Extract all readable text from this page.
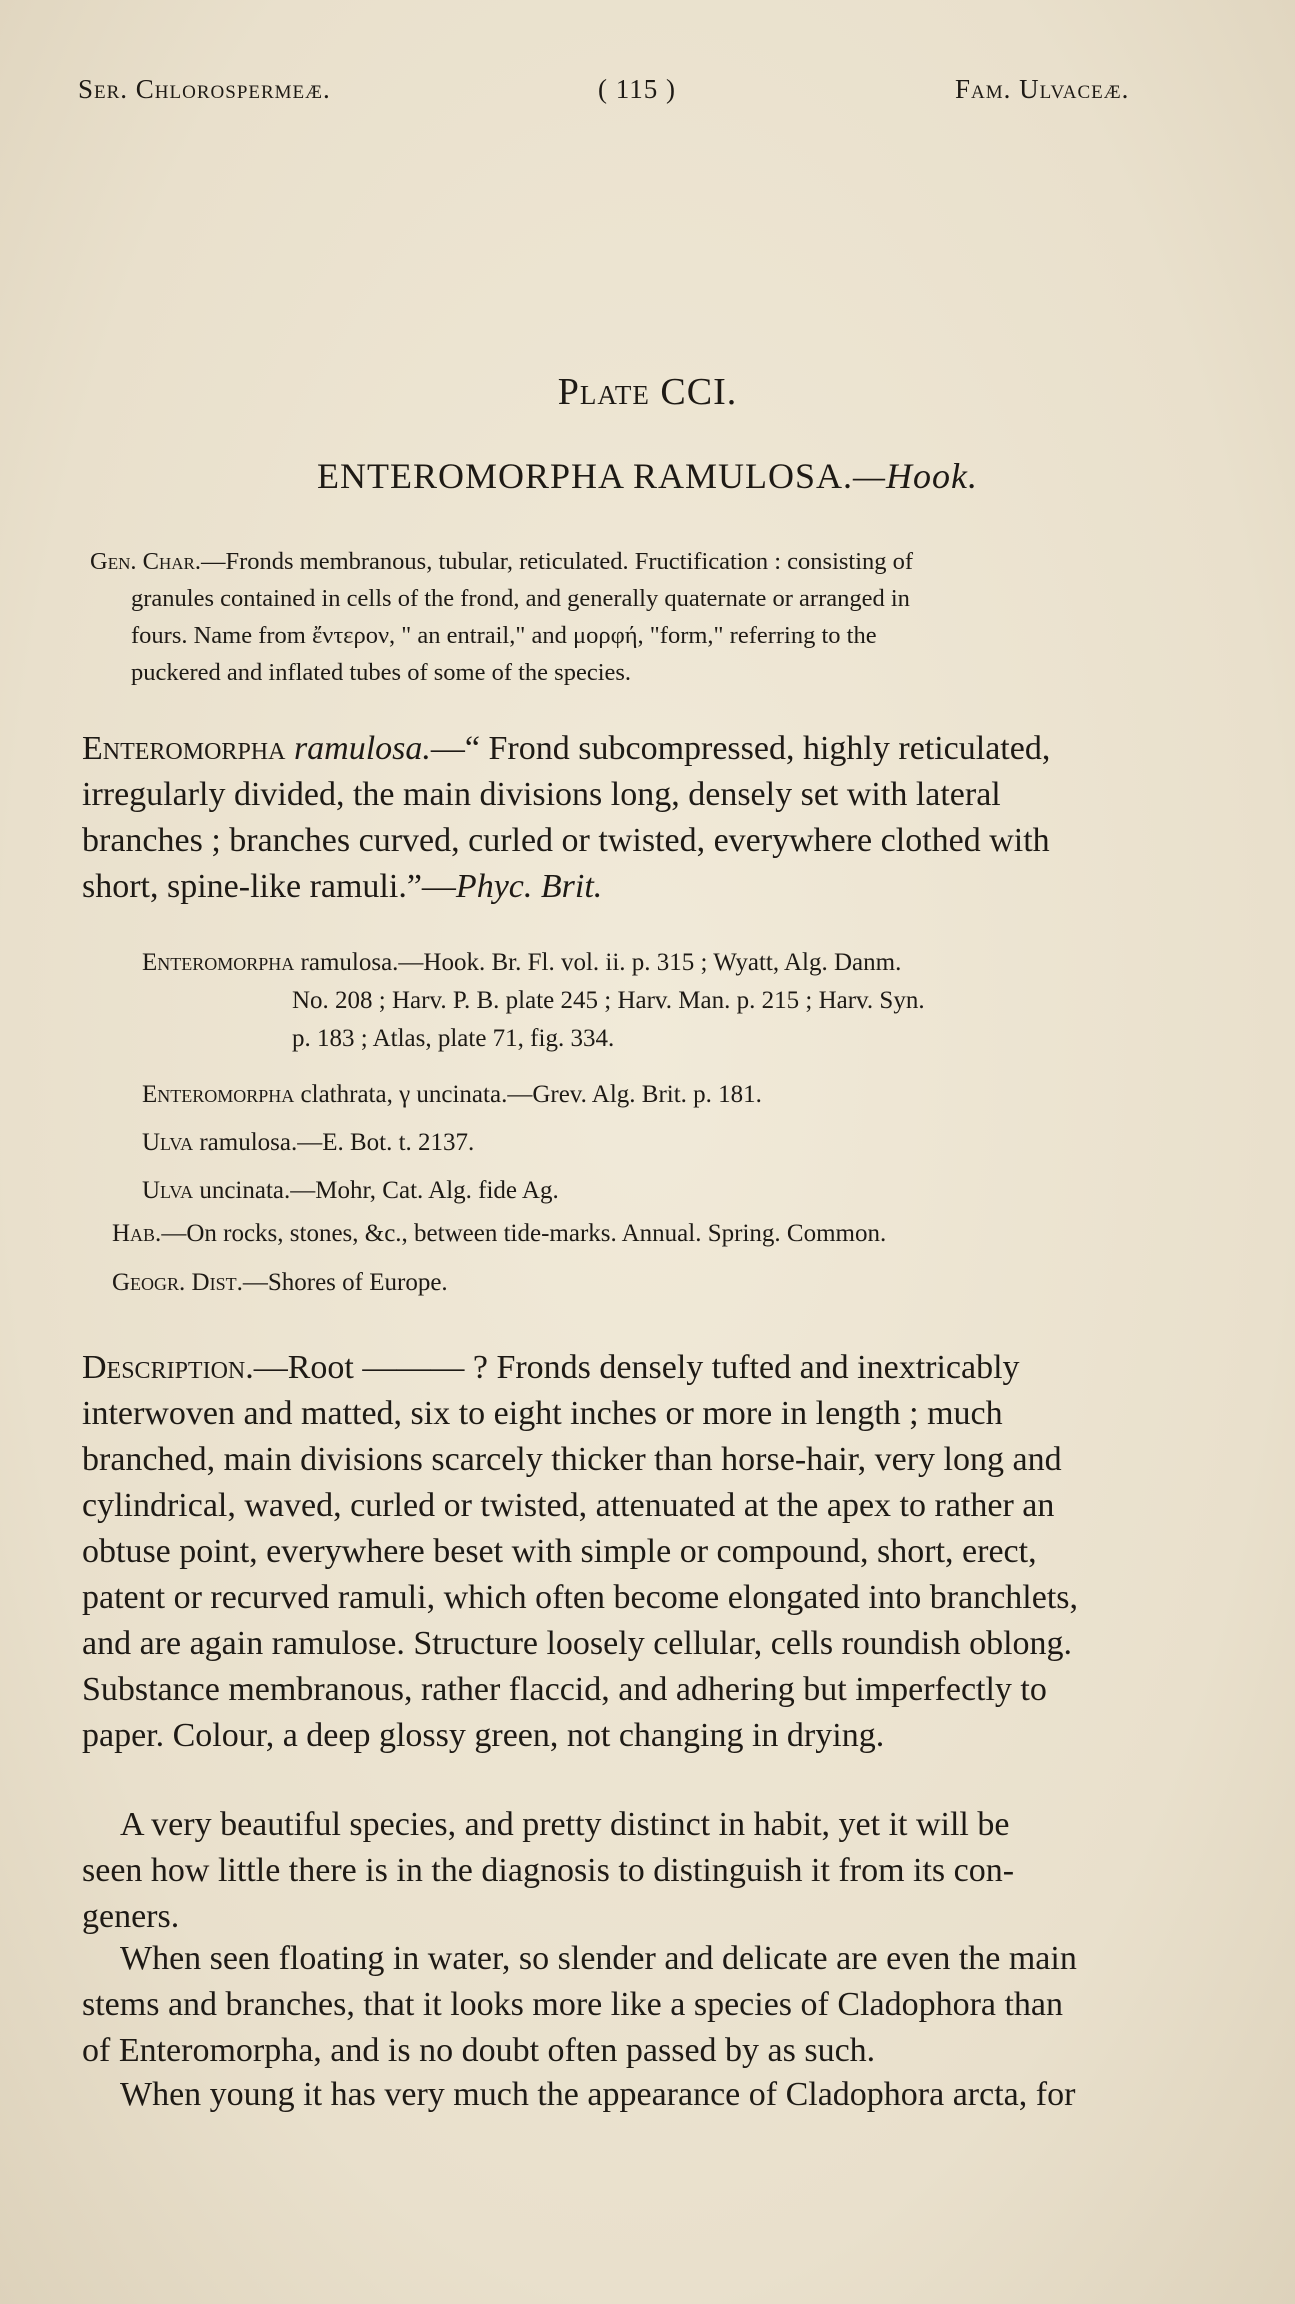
Ser. Chlorospermeæ.	( 115 )	Fam. Ulvaceæ.
Plate CCI.
ENTEROMORPHA RAMULOSA.—Hook.
Gen. Char.—Fronds membranous, tubular, reticulated. Fructification : consisting of
granules contained in cells of the frond, and generally quaternate or arranged in
fours. Name from ἔντερον, " an entrail," and μορφή, "form," referring to the
puckered and inflated tubes of some of the species.
Enteromorpha ramulosa.—“ Frond subcompressed, highly reticulated,
irregularly divided, the main divisions long, densely set with lateral
branches ; branches curved, curled or twisted, everywhere clothed with
short, spine-like ramuli.”—Phyc. Brit.
Enteromorpha ramulosa.—Hook. Br. Fl. vol. ii. p. 315 ; Wyatt, Alg. Danm.
No. 208 ; Harv. P. B. plate 245 ; Harv. Man. p. 215 ; Harv. Syn.
p. 183 ; Atlas, plate 71, fig. 334.
Enteromorpha clathrata, γ uncinata.—Grev. Alg. Brit. p. 181.
Ulva ramulosa.—E. Bot. t. 2137.
Ulva uncinata.—Mohr, Cat. Alg. fide Ag.
Hab.—On rocks, stones, &c., between tide-marks. Annual. Spring. Common.
Geogr. Dist.—Shores of Europe.
Description.—Root ——— ? Fronds densely tufted and inextricably
interwoven and matted, six to eight inches or more in length ; much
branched, main divisions scarcely thicker than horse-hair, very long and
cylindrical, waved, curled or twisted, attenuated at the apex to rather an
obtuse point, everywhere beset with simple or compound, short, erect,
patent or recurved ramuli, which often become elongated into branchlets,
and are again ramulose. Structure loosely cellular, cells roundish oblong.
Substance membranous, rather flaccid, and adhering but imperfectly to
paper. Colour, a deep glossy green, not changing in drying.
A very beautiful species, and pretty distinct in habit, yet it will be
seen how little there is in the diagnosis to distinguish it from its con-
geners.
When seen floating in water, so slender and delicate are even the main
stems and branches, that it looks more like a species of Cladophora than
of Enteromorpha, and is no doubt often passed by as such.
When young it has very much the appearance of Cladophora arcta, for
